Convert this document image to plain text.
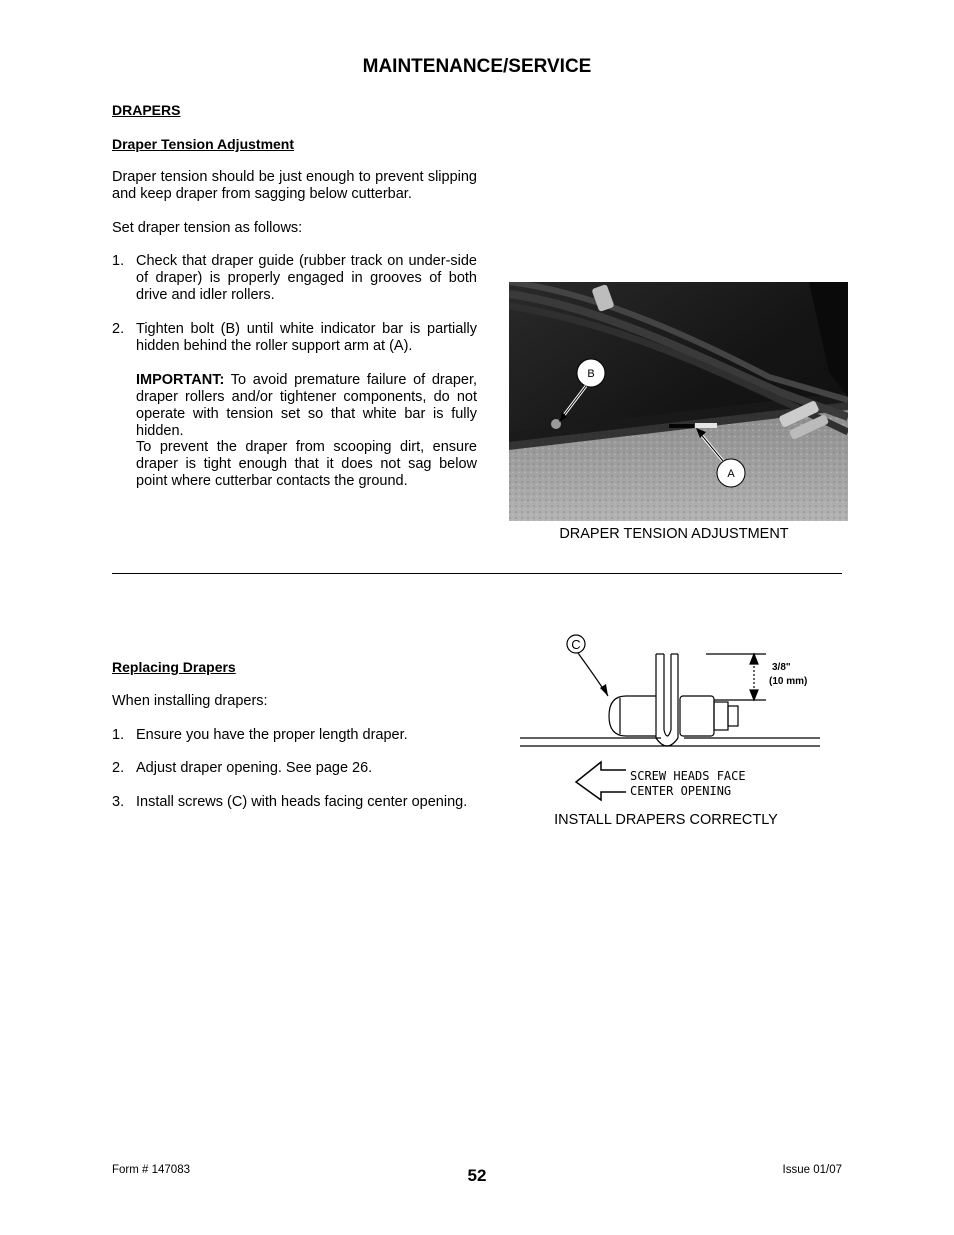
MAINTENANCE/SERVICE
DRAPERS
Draper Tension Adjustment
Draper tension should be just enough to prevent slipping and keep draper from sagging below cutterbar.
Set draper tension as follows:
1. Check that draper guide (rubber track on under-side of draper) is properly engaged in grooves of both drive and idler rollers.
2. Tighten bolt (B) until white indicator bar is partially hidden behind the roller support arm at (A).
IMPORTANT: To avoid premature failure of draper, draper rollers and/or tightener components, do not operate with tension set so that white bar is fully hidden.
To prevent the draper from scooping dirt, ensure draper is tight enough that it does not sag below point where cutterbar contacts the ground.
B
A
DRAPER TENSION ADJUSTMENT
Replacing Drapers
When installing drapers:
1. Ensure you have the proper length draper.
2. Adjust draper opening. See page 26.
3. Install screws (C) with heads facing center opening.
C
3/8"
(10 mm)
SCREW HEADS FACE
CENTER OPENING
INSTALL DRAPERS CORRECTLY
Form # 147083	52	Issue 01/07
